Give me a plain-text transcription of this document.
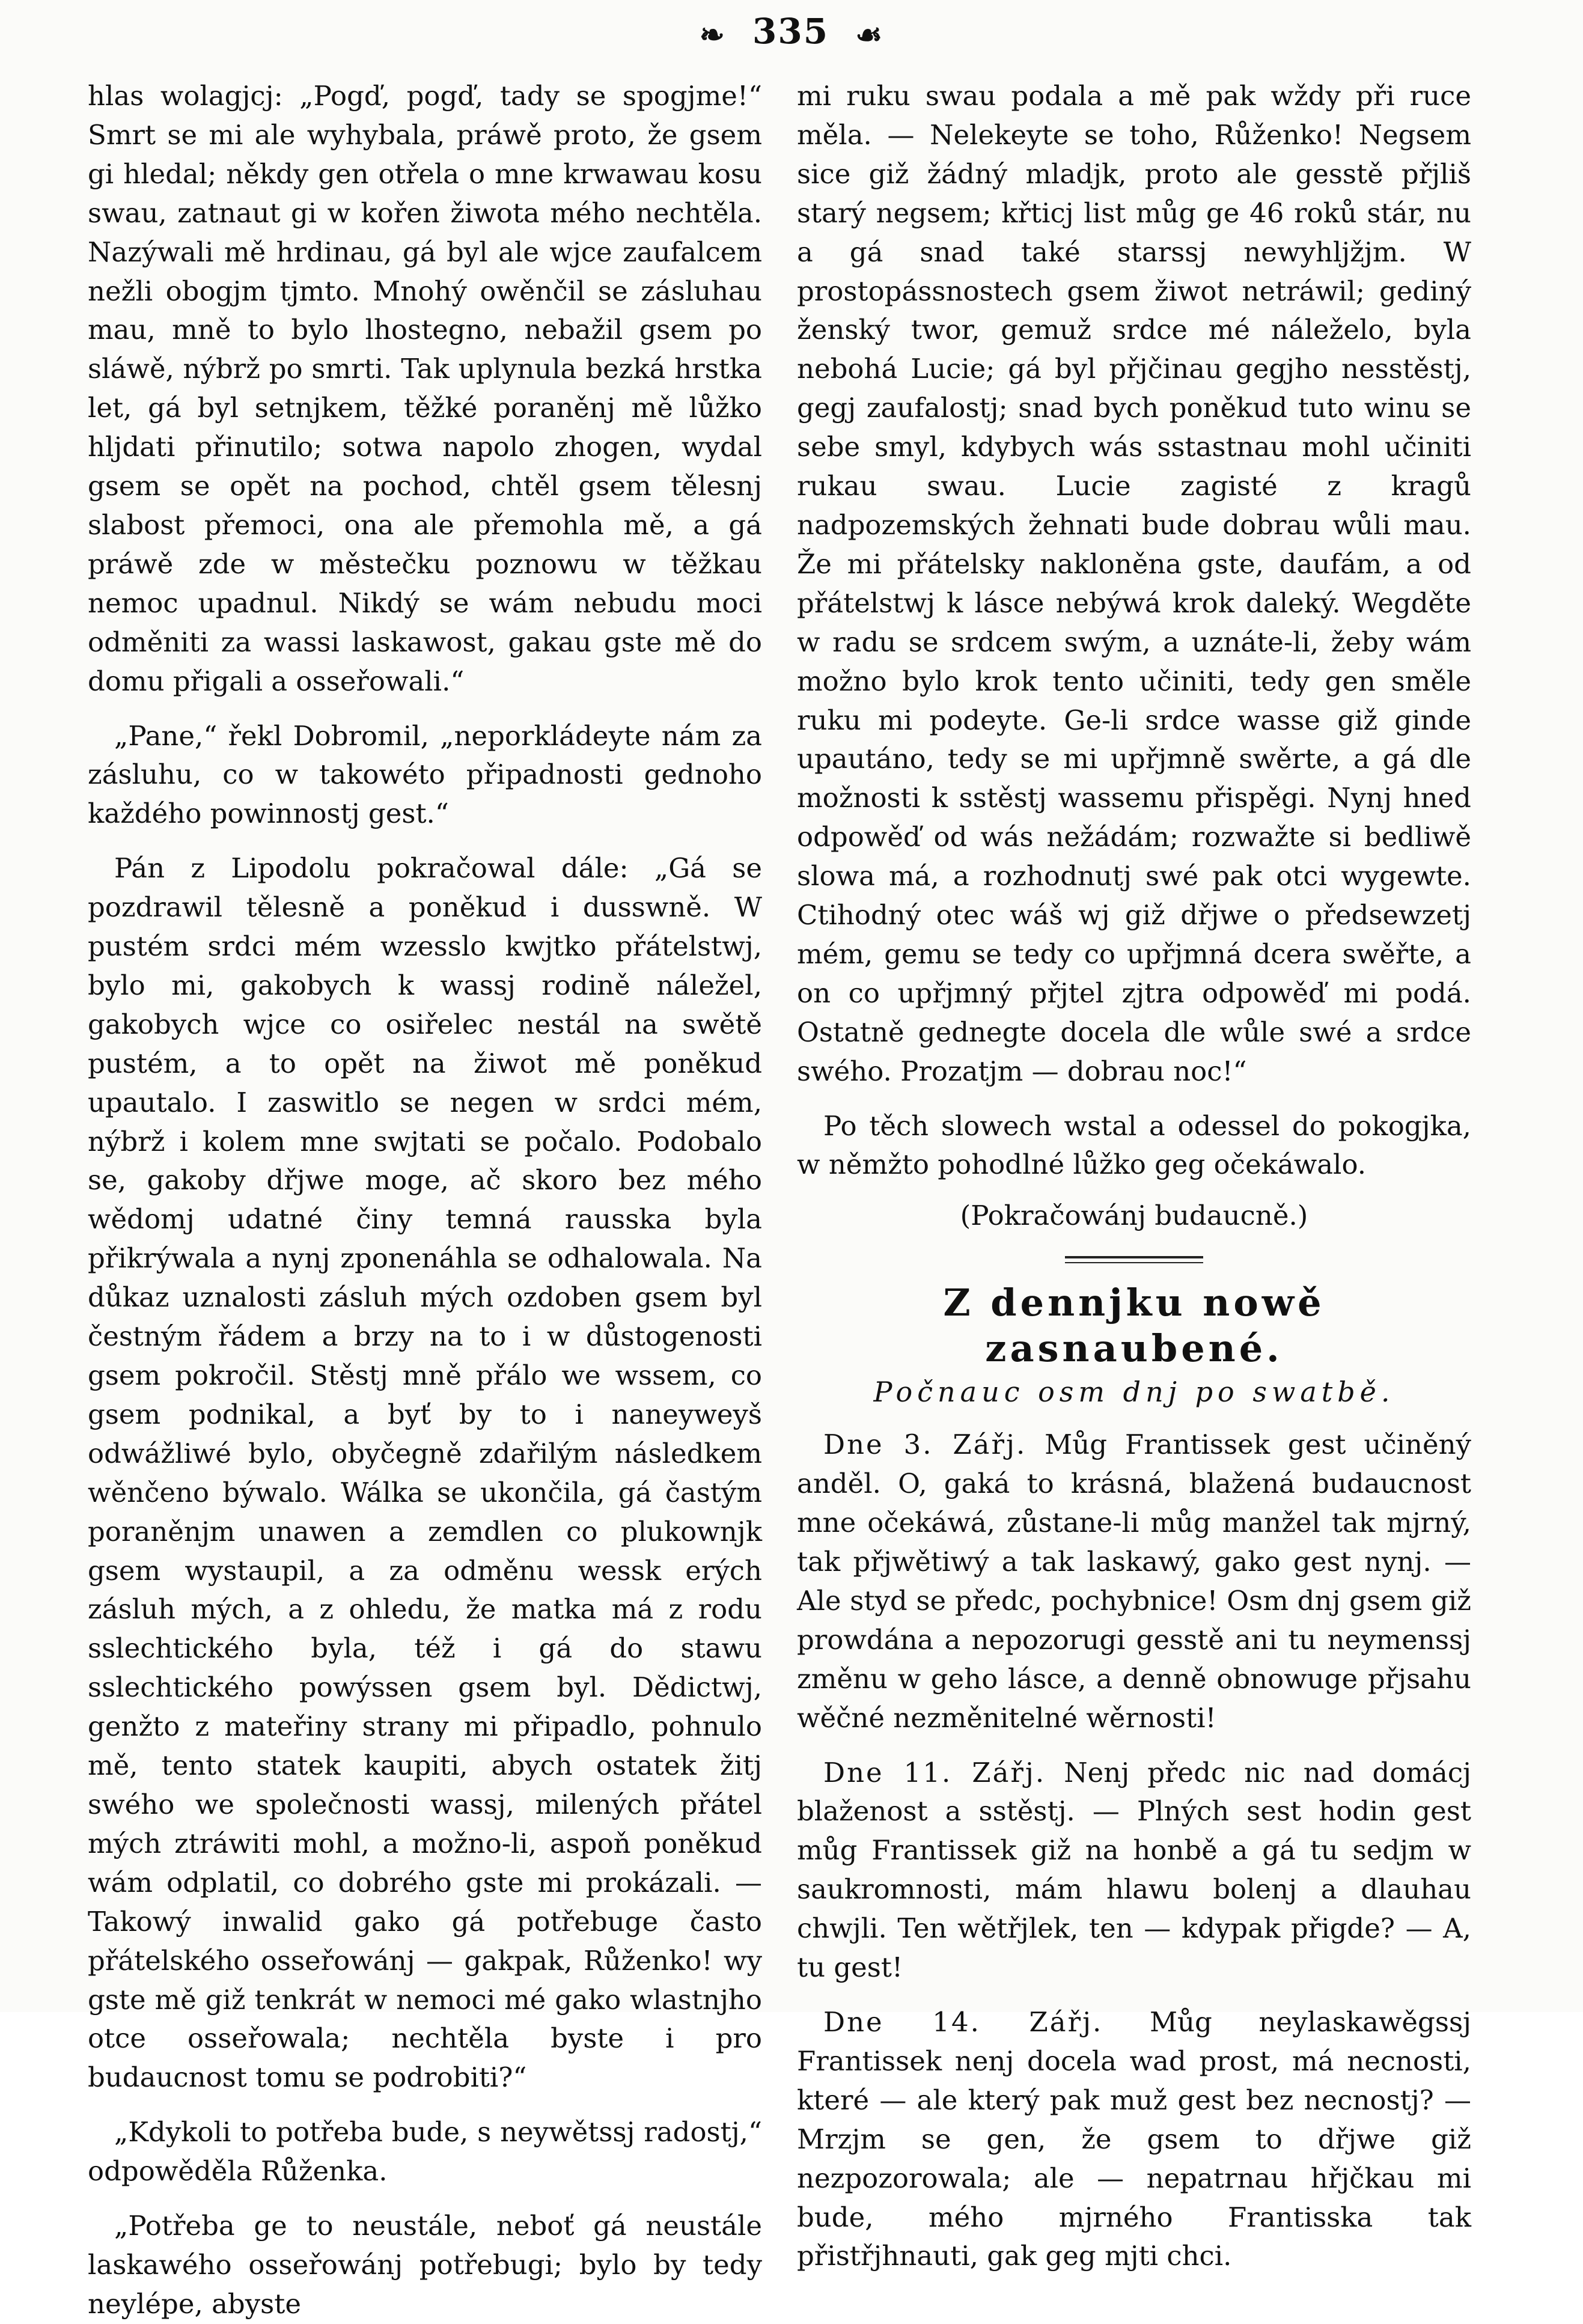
❧ 335 ☙

hlas wolagjcj: „Pogď, pogď, tady se spogjme!“ Smrt se mi ale wyhybala, práwě proto, že gsem gi hledal; někdy gen otřela o mne krwawau kosu swau, zatnaut gi w kořen žiwota mého nechtěla. Nazýwali mě hrdinau, gá byl ale wjce zaufalcem nežli obogjm tjmto. Mnohý owěnčil se zásluhau mau, mně to bylo lhostegno, nebažil gsem po sláwě, nýbrž po smrti. Tak uplynula bezká hrstka let, gá byl setnjkem, těžké poraněnj mě lůžko hljdati přinutilo; sotwa napolo zhogen, wydal gsem se opět na pochod, chtěl gsem tělesnj slabost přemoci, ona ale přemohla mě, a gá práwě zde w městečku poznowu w těžkau nemoc upadnul. Nikdý se wám nebudu moci odměniti za wassi laskawost, gakau gste mě do domu přigali a osseřowali.“

„Pane,“ řekl Dobromil, „neporkládeyte nám za zásluhu, co w takowéto připadnosti gednoho každého powinnostj gest.“

Pán z Lipodolu pokračowal dále: „Gá se pozdrawil tělesně a poněkud i dusswně. W pustém srdci mém wzesslo kwjtko přátelstwj, bylo mi, gakobych k wassj rodině náležel, gakobych wjce co osiřelec nestál na swětě pustém, a to opět na žiwot mě poněkud upautalo. I zaswitlo se negen w srdci mém, nýbrž i kolem mne swjtati se počalo. Podobalo se, gakoby dřjwe moge, ač skoro bez mého wědomj udatné činy temná rausska byla přikrýwala a nynj zponenáhla se odhalowala. Na důkaz uznalosti zásluh mých ozdoben gsem byl čestným řádem a brzy na to i w důstogenosti gsem pokročil. Stěstj mně přálo we wssem, co gsem podnikal, a byť by to i naneyweyš odwážliwé bylo, obyčegně zdařilým následkem wěnčeno býwalo. Wálka se ukončila, gá častým poraněnjm unawen a zemdlen co plukownjk gsem wystaupil, a za odměnu wessk erých zásluh mých, a z ohledu, že matka má z rodu sslechtického byla, též i gá do stawu sslechtického powýssen gsem byl. Dědictwj, genžto z mateřiny strany mi připadlo, pohnulo mě, tento statek kaupiti, abych ostatek žitj swého we společnosti wassj, milených přátel mých ztráwiti mohl, a možno-li, aspoň poněkud wám odplatil, co dobrého gste mi prokázali. — Takowý inwalid gako gá potřebuge často přátelského osseřowánj — gakpak, Růženko! wy gste mě giž tenkrát w nemoci mé gako wlastnjho otce osseřowala; nechtěla byste i pro budaucnost tomu se podrobiti?“

„Kdykoli to potřeba bude, s neywětssj radostj,“ odpowěděla Růženka.

„Potřeba ge to neustále, neboť gá neustále laskawého osseřowánj potřebugi; bylo by tedy neylépe, abyste

mi ruku swau podala a mě pak wždy při ruce měla. — Nelekeyte se toho, Růženko! Negsem sice giž žádný mladjk, proto ale gesstě přjliš starý negsem; křticj list můg ge 46 roků stár, nu a gá snad také starssj newyhljžjm. W prostopássnostech gsem žiwot netráwil; gediný ženský twor, gemuž srdce mé náleželo, byla nebohá Lucie; gá byl přjčinau gegjho nesstěstj, gegj zaufalostj; snad bych poněkud tuto winu se sebe smyl, kdybych wás sstastnau mohl učiniti rukau swau. Lucie zagisté z kragů nadpozemských žehnati bude dobrau wůli mau. Že mi přátelsky nakloněna gste, daufám, a od přátelstwj k lásce nebýwá krok daleký. Wegděte w radu se srdcem swým, a uznáte-li, žeby wám možno bylo krok tento učiniti, tedy gen směle ruku mi podeyte. Ge-li srdce wasse giž ginde upautáno, tedy se mi upřjmně swěrte, a gá dle možnosti k sstěstj wassemu přispěgi. Nynj hned odpowěď od wás nežádám; rozwažte si bedliwě slowa má, a rozhodnutj swé pak otci wygewte. Ctihodný otec wáš wj giž dřjwe o předsewzetj mém, gemu se tedy co upřjmná dcera swěřte, a on co upřjmný přjtel zjtra odpowěď mi podá. Ostatně gednegte docela dle wůle swé a srdce swého. Prozatjm — dobrau noc!“

Po těch slowech wstal a odessel do pokogjka, w němžto pohodlné lůžko geg očekáwalo.

(Pokračowánj budaucně.)
Z dennjku nowě zasnaubené.
Počnauc osm dnj po swatbě.

Dne 3. Zářj. Můg Frantissek gest učiněný anděl. O, gaká to krásná, blažená budaucnost mne očekáwá, zůstane-li můg manžel tak mjrný, tak přjwětiwý a tak laskawý, gako gest nynj. — Ale styd se předc, pochybnice! Osm dnj gsem giž prowdána a nepozorugi gesstě ani tu neymenssj změnu w geho lásce, a denně obnowuge přjsahu wěčné nezměnitelné wěrnosti!

Dne 11. Zářj. Nenj předc nic nad domácj blaženost a sstěstj. — Plných sest hodin gest můg Frantissek giž na honbě a gá tu sedjm w saukromnosti, mám hlawu bolenj a dlauhau chwjli. Ten wětřjlek, ten — kdypak přigde? — A, tu gest!

Dne 14. Zářj. Můg neylaskawěgssj Frantissek nenj docela wad prost, má necnosti, které — ale který pak muž gest bez necnostj? — Mrzjm se gen, že gsem to dřjwe giž nezpozorowala; ale — nepatrnau hřjčkau mi bude, mého mjrného Frantisska tak přistřjhnauti, gak geg mjti chci.
